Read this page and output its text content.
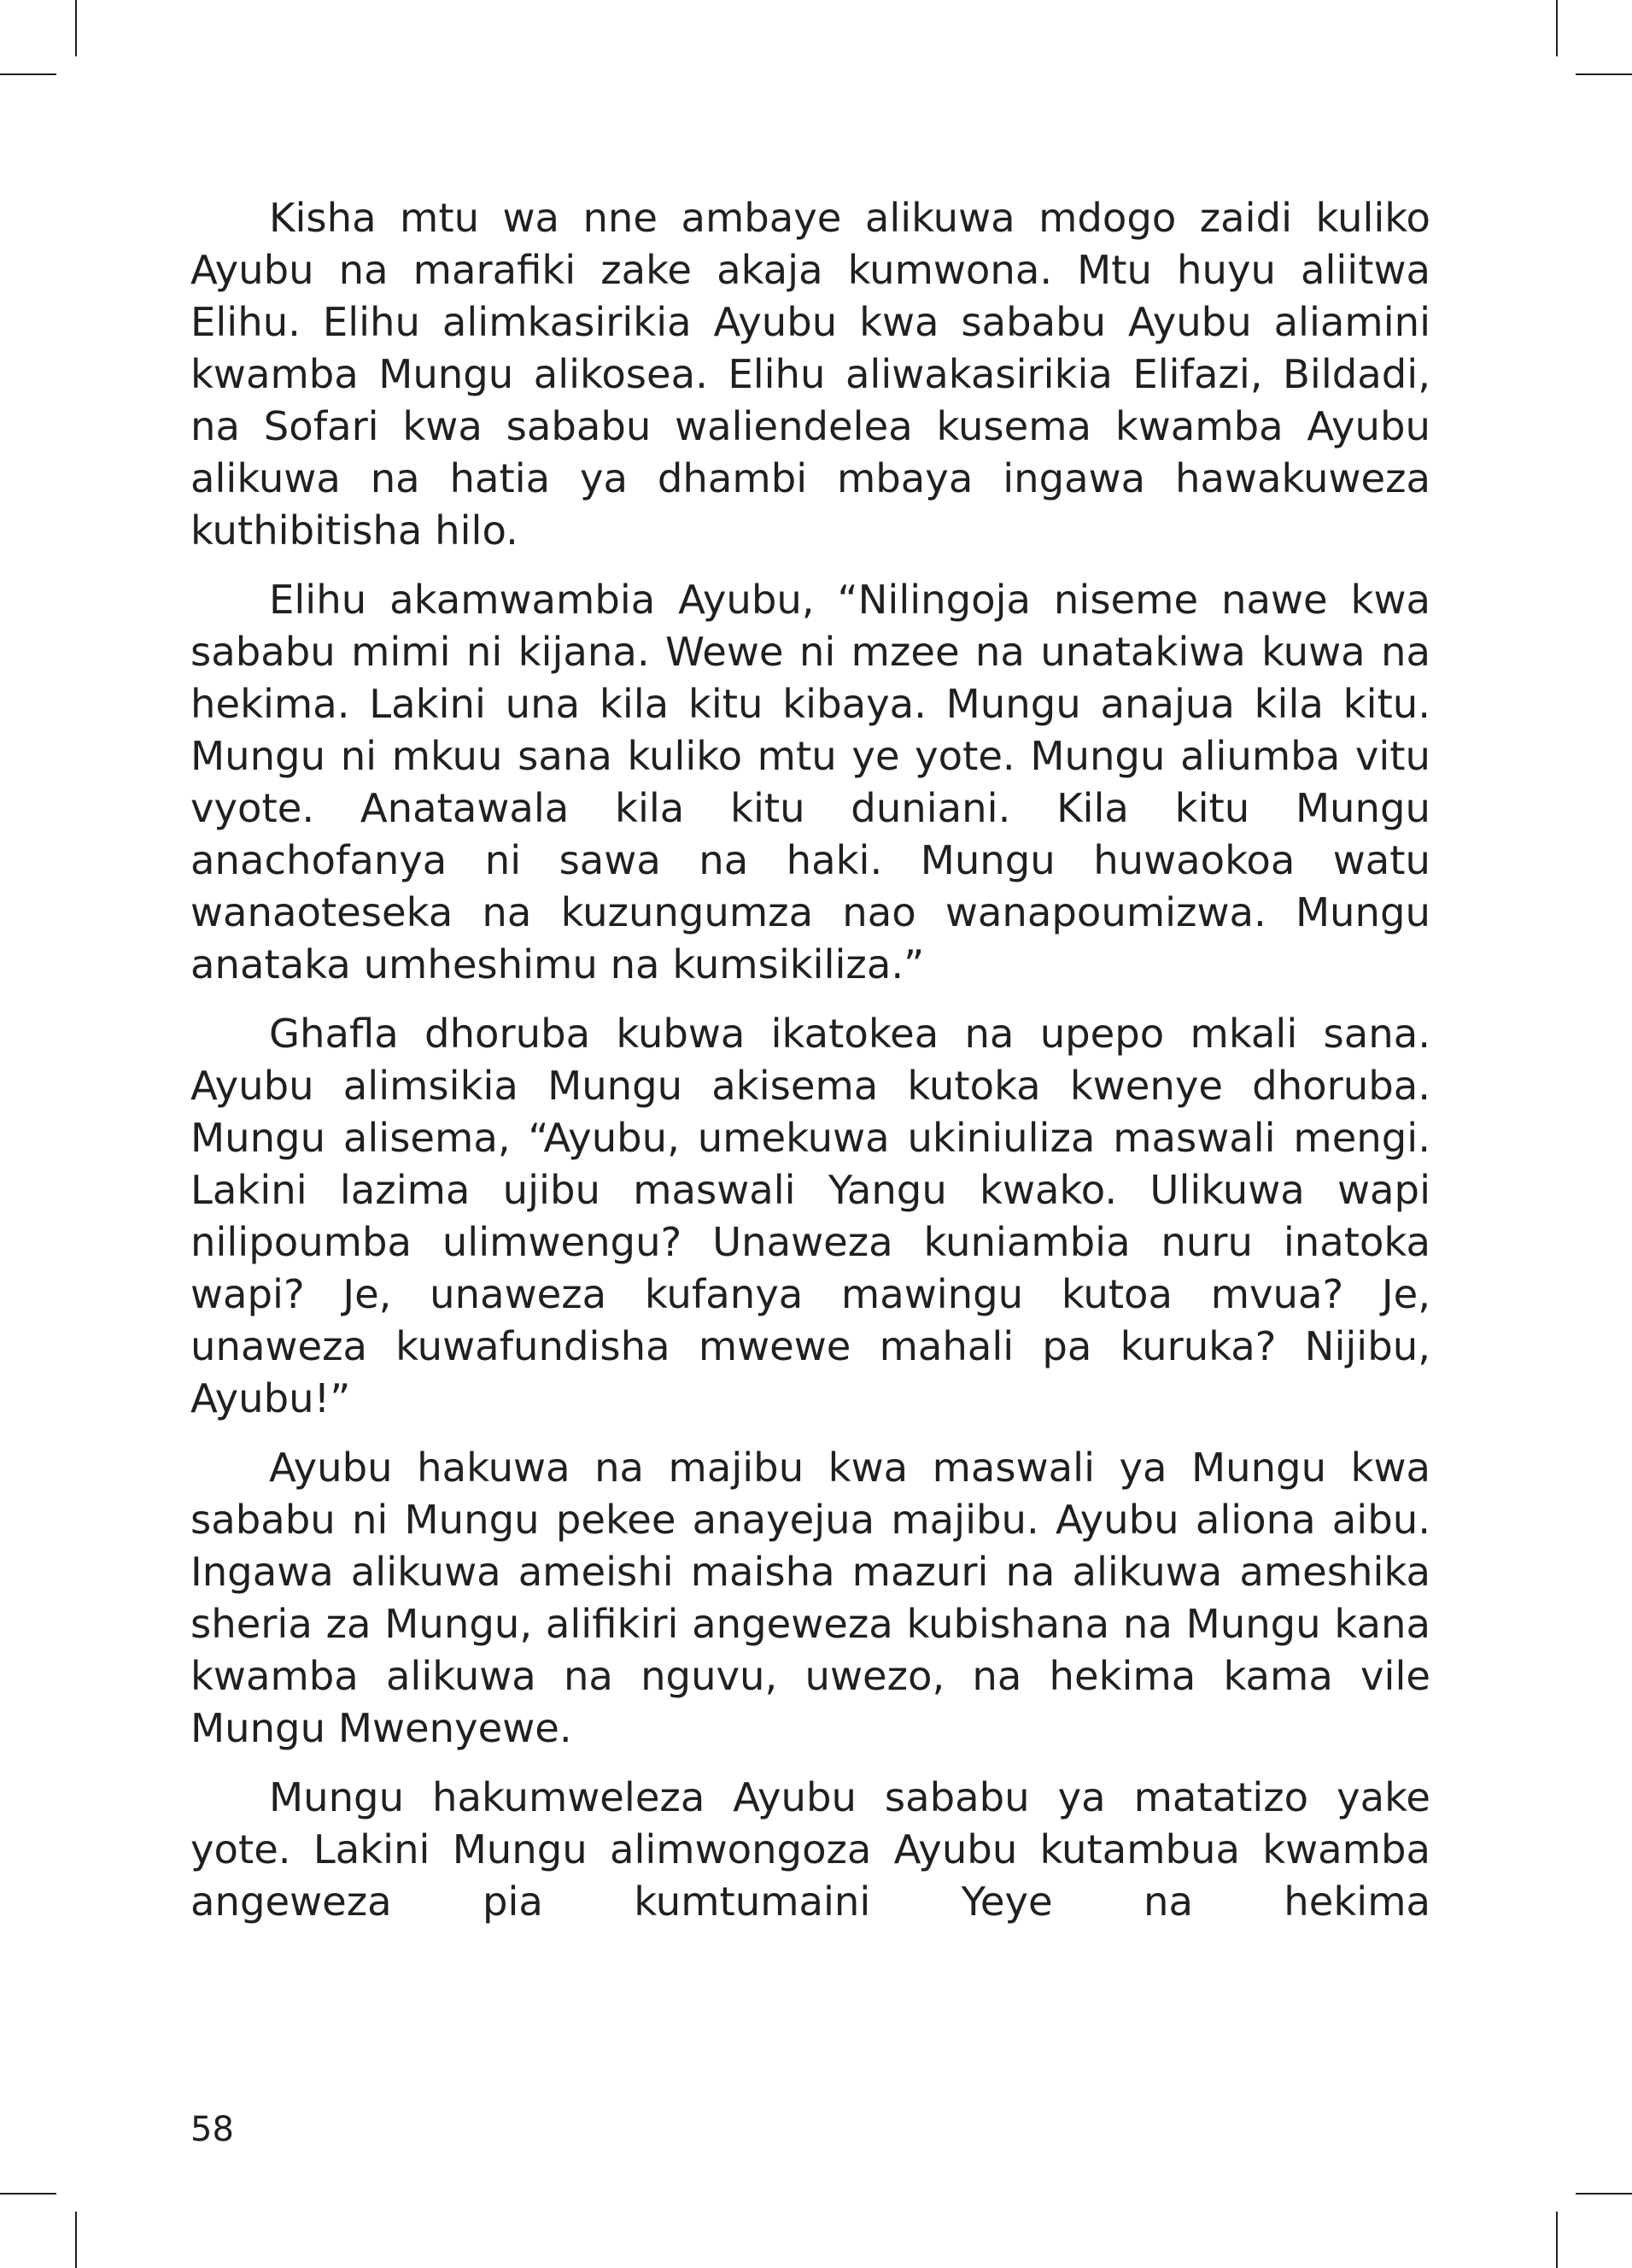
Kisha mtu wa nne ambaye alikuwa mdogo zaidi kuliko Ayubu na marafiki zake akaja kumwona. Mtu huyu aliitwa Elihu. Elihu alimkasirikia Ayubu kwa sababu Ayubu aliamini kwamba Mungu alikosea. Elihu aliwakasirikia Elifazi, Bildadi, na Sofari kwa sababu waliendelea kusema kwamba Ayubu alikuwa na hatia ya dhambi mbaya ingawa hawakuweza kuthibitisha hilo.

Elihu akamwambia Ayubu, “Nilingoja niseme nawe kwa sababu mimi ni kijana. Wewe ni mzee na unatakiwa kuwa na hekima. Lakini una kila kitu kibaya. Mungu anajua kila kitu. Mungu ni mkuu sana kuliko mtu ye yote. Mungu aliumba vitu vyote. Anatawala kila kitu duniani. Kila kitu Mungu anachofanya ni sawa na haki. Mungu huwaokoa watu wanaoteseka na kuzungumza nao wanapoumizwa. Mungu anataka umheshimu na kumsikiliza.”

Ghafla dhoruba kubwa ikatokea na upepo mkali sana. Ayubu alimsikia Mungu akisema kutoka kwenye dhoruba. Mungu alisema, “Ayubu, umekuwa ukiniuliza maswali mengi. Lakini lazima ujibu maswali Yangu kwako. Ulikuwa wapi nilipoumba ulimwengu? Unaweza kuniambia nuru inatoka wapi? Je, unaweza kufanya mawingu kutoa mvua? Je, unaweza kuwafundisha mwewe mahali pa kuruka? Nijibu, Ayubu!”

Ayubu hakuwa na majibu kwa maswali ya Mungu kwa sababu ni Mungu pekee anayejua majibu. Ayubu aliona aibu. Ingawa alikuwa ameishi maisha mazuri na alikuwa ameshika sheria za Mungu, alifikiri angeweza kubishana na Mungu kana kwamba alikuwa na nguvu, uwezo, na hekima kama vile Mungu Mwenyewe.

Mungu hakumweleza Ayubu sababu ya matatizo yake yote. Lakini Mungu alimwongoza Ayubu kutambua kwamba angeweza pia kumtumaini Yeye na hekima

58
